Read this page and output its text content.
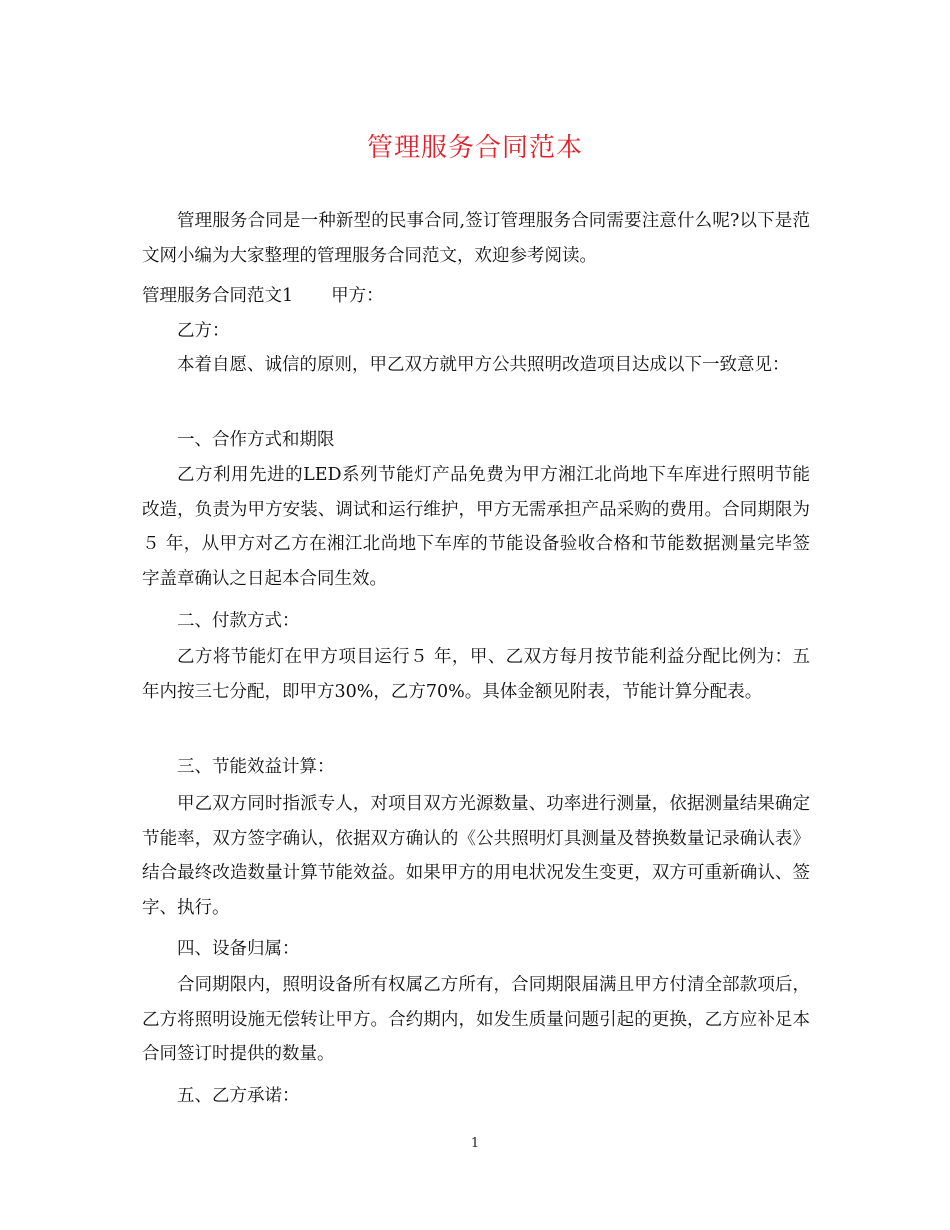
管理服务合同范本
管理服务合同是一种新型的民事合同,签订管理服务合同需要注意什么呢?以下是范文网小编为大家整理的管理服务合同范文，欢迎参考阅读。
管理服务合同范文1 甲方：
乙方：
本着自愿、诚信的原则，甲乙双方就甲方公共照明改造项目达成以下一致意见：
一、合作方式和期限
乙方利用先进的LED系列节能灯产品免费为甲方湘江北尚地下车库进行照明节能改造，负责为甲方安装、调试和运行维护，甲方无需承担产品采购的费用。合同期限为５ 年，从甲方对乙方在湘江北尚地下车库的节能设备验收合格和节能数据测量完毕签字盖章确认之日起本合同生效。
二、付款方式：
乙方将节能灯在甲方项目运行５ 年，甲、乙双方每月按节能利益分配比例为：五年内按三七分配，即甲方30%，乙方70%。具体金额见附表，节能计算分配表。
三、节能效益计算：
甲乙双方同时指派专人，对项目双方光源数量、功率进行测量，依据测量结果确定节能率，双方签字确认，依据双方确认的《公共照明灯具测量及替换数量记录确认表》结合最终改造数量计算节能效益。如果甲方的用电状况发生变更，双方可重新确认、签字、执行。
四、设备归属：
合同期限内，照明设备所有权属乙方所有，合同期限届满且甲方付清全部款项后，乙方将照明设施无偿转让甲方。合约期内，如发生质量问题引起的更换，乙方应补足本合同签订时提供的数量。
五、乙方承诺：
1
